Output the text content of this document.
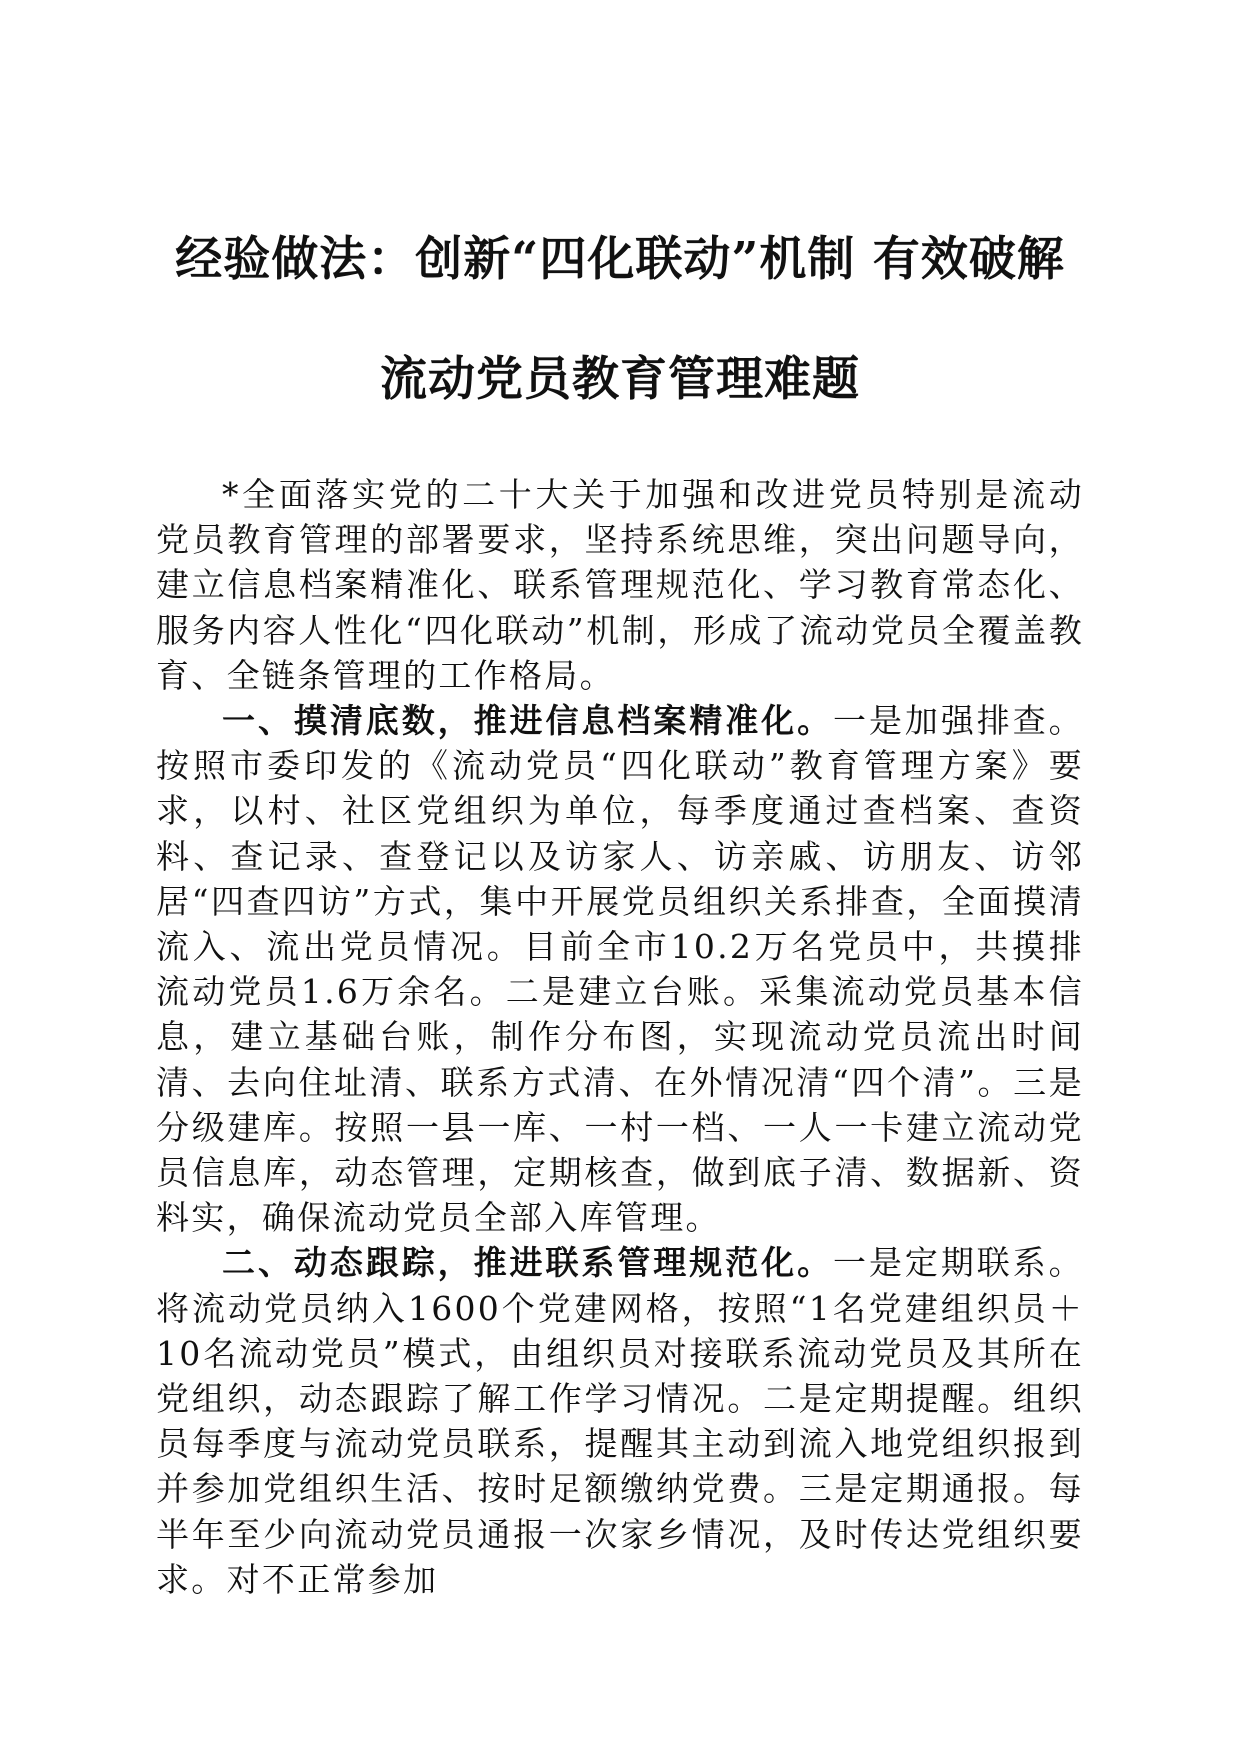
经验做法：创新“四化联动”机制 有效破解
流动党员教育管理难题

*全面落实党的二十大关于加强和改进党员特别是流动党员教育管理的部署要求，坚持系统思维，突出问题导向，建立信息档案精准化、联系管理规范化、学习教育常态化、服务内容人性化“四化联动”机制，形成了流动党员全覆盖教育、全链条管理的工作格局。

一、摸清底数，推进信息档案精准化。一是加强排查。按照市委印发的《流动党员“四化联动”教育管理方案》要求，以村、社区党组织为单位，每季度通过查档案、查资料、查记录、查登记以及访家人、访亲戚、访朋友、访邻居“四查四访”方式，集中开展党员组织关系排查，全面摸清流入、流出党员情况。目前全市10.2万名党员中，共摸排流动党员1.6万余名。二是建立台账。采集流动党员基本信息，建立基础台账，制作分布图，实现流动党员流出时间清、去向住址清、联系方式清、在外情况清“四个清”。三是分级建库。按照一县一库、一村一档、一人一卡建立流动党员信息库，动态管理，定期核查，做到底子清、数据新、资料实，确保流动党员全部入库管理。

二、动态跟踪，推进联系管理规范化。一是定期联系。将流动党员纳入1600个党建网格，按照“1名党建组织员＋10名流动党员”模式，由组织员对接联系流动党员及其所在党组织，动态跟踪了解工作学习情况。二是定期提醒。组织员每季度与流动党员联系，提醒其主动到流入地党组织报到并参加党组织生活、按时足额缴纳党费。三是定期通报。每半年至少向流动党员通报一次家乡情况，及时传达党组织要求。对不正常参加
